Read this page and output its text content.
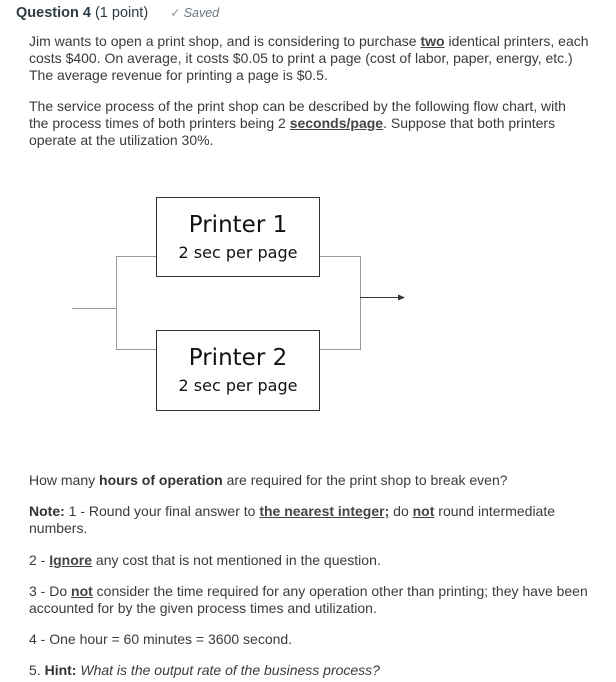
Question 4 (1 point) ✓ Saved
Jim wants to open a print shop, and is considering to purchase two identical printers, each costs $400. On average, it costs $0.05 to print a page (cost of labor, paper, energy, etc.) The average revenue for printing a page is $0.5.
The service process of the print shop can be described by the following flow chart, with the process times of both printers being 2 seconds/page. Suppose that both printers operate at the utilization 30%.
Printer 1
2 sec per page
Printer 2
2 sec per page
How many hours of operation are required for the print shop to break even?
Note: 1 - Round your final answer to the nearest integer; do not round intermediate numbers.
2 - Ignore any cost that is not mentioned in the question.
3 - Do not consider the time required for any operation other than printing; they have been accounted for by the given process times and utilization.
4 - One hour = 60 minutes = 3600 second.
5. Hint: What is the output rate of the business process?
